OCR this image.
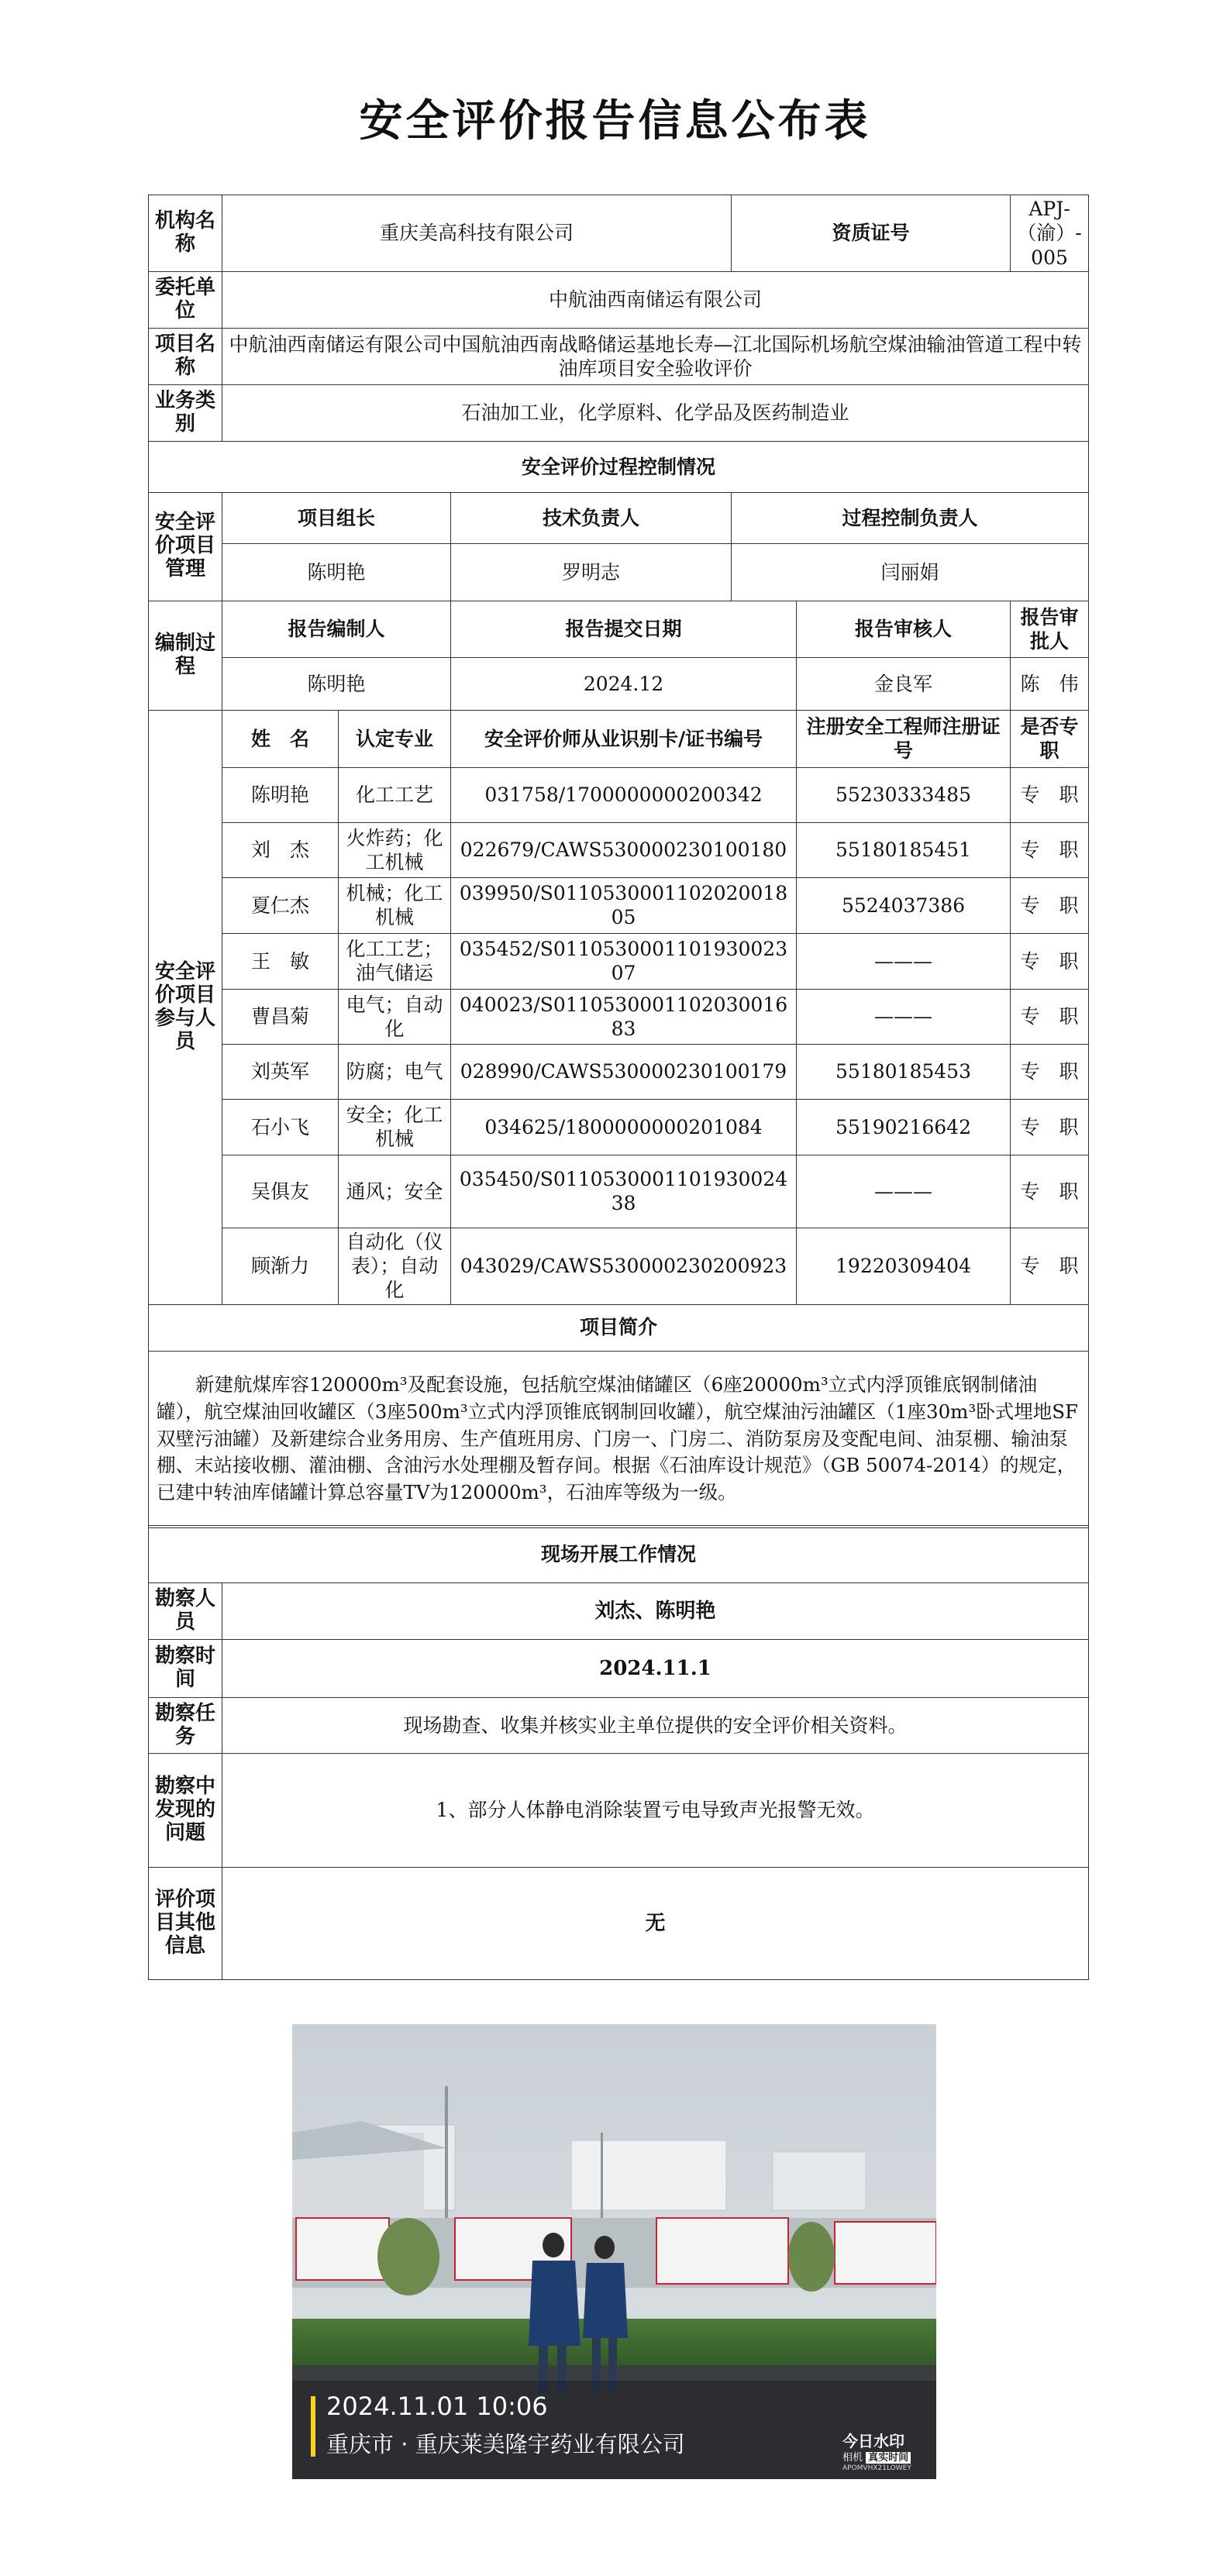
安全评价报告信息公布表
机构名称	重庆美高科技有限公司			资质证号		APJ-（渝）-005
委托单位	中航油西南储运有限公司					
项目名称	中航油西南储运有限公司中国航油西南战略储运基地长寿—江北国际机场航空煤油输油管道工程中转油库项目安全验收评价					
业务类别	石油加工业，化学原料、化学品及医药制造业					
安全评价过程控制情况						
安全评价项目管理	项目组长		技术负责人	过程控制负责人		
	陈明艳		罗明志	闫丽娟		
编制过程	报告编制人		报告提交日期		报告审核人	报告审批人
	陈明艳		2024.12		金良军	陈　伟
安全评价项目参与人员	姓　名	认定专业	安全评价师从业识别卡/证书编号		注册安全工程师注册证号	是否专职
	陈明艳	化工工艺	031758/1700000000200342		55230333485	专　职
	刘　杰	火炸药；化工机械	022679/CAWS530000230100180		55180185451	专　职
	夏仁杰	机械；化工机械	039950/S011053000110202001805		5524037386	专　职
	王　敏	化工工艺；油气储运	035452/S011053000110193002307		———	专　职
	曹昌菊	电气；自动化	040023/S011053000110203001683		———	专　职
	刘英军	防腐；电气	028990/CAWS530000230100179		55180185453	专　职
	石小飞	安全；化工机械	034625/1800000000201084		55190216642	专　职
	吴俱友	通风；安全	035450/S011053000110193002438		———	专　职
	顾渐力	自动化（仪表）；自动化	043029/CAWS530000230200923		19220309404	专　职
项目简介						
新建航煤库容120000m³及配套设施，包括航空煤油储罐区（6座20000m³立式内浮顶锥底钢制储油罐），航空煤油回收罐区（3座500m³立式内浮顶锥底钢制回收罐），航空煤油污油罐区（1座30m³卧式埋地SF双壁污油罐）及新建综合业务用房、生产值班用房、门房一、门房二、消防泵房及变配电间、油泵棚、输油泵棚、末站接收棚、灌油棚、含油污水处理棚及暂存间。根据《石油库设计规范》（GB 50074-2014）的规定，已建中转油库储罐计算总容量TV为120000m³，石油库等级为一级。						
现场开展工作情况	
勘察人员	刘杰、陈明艳
勘察时间	2024.11.1
勘察任务	现场勘查、收集并核实业主单位提供的安全评价相关资料。
勘察中发现的问题	1、部分人体静电消除装置亏电导致声光报警无效。
评价项目其他信息	无
2024.11.01 10:06
重庆市 · 重庆莱美隆宇药业有限公司	今日水印
相机 真实时间
APOMVHX21LOWEY
